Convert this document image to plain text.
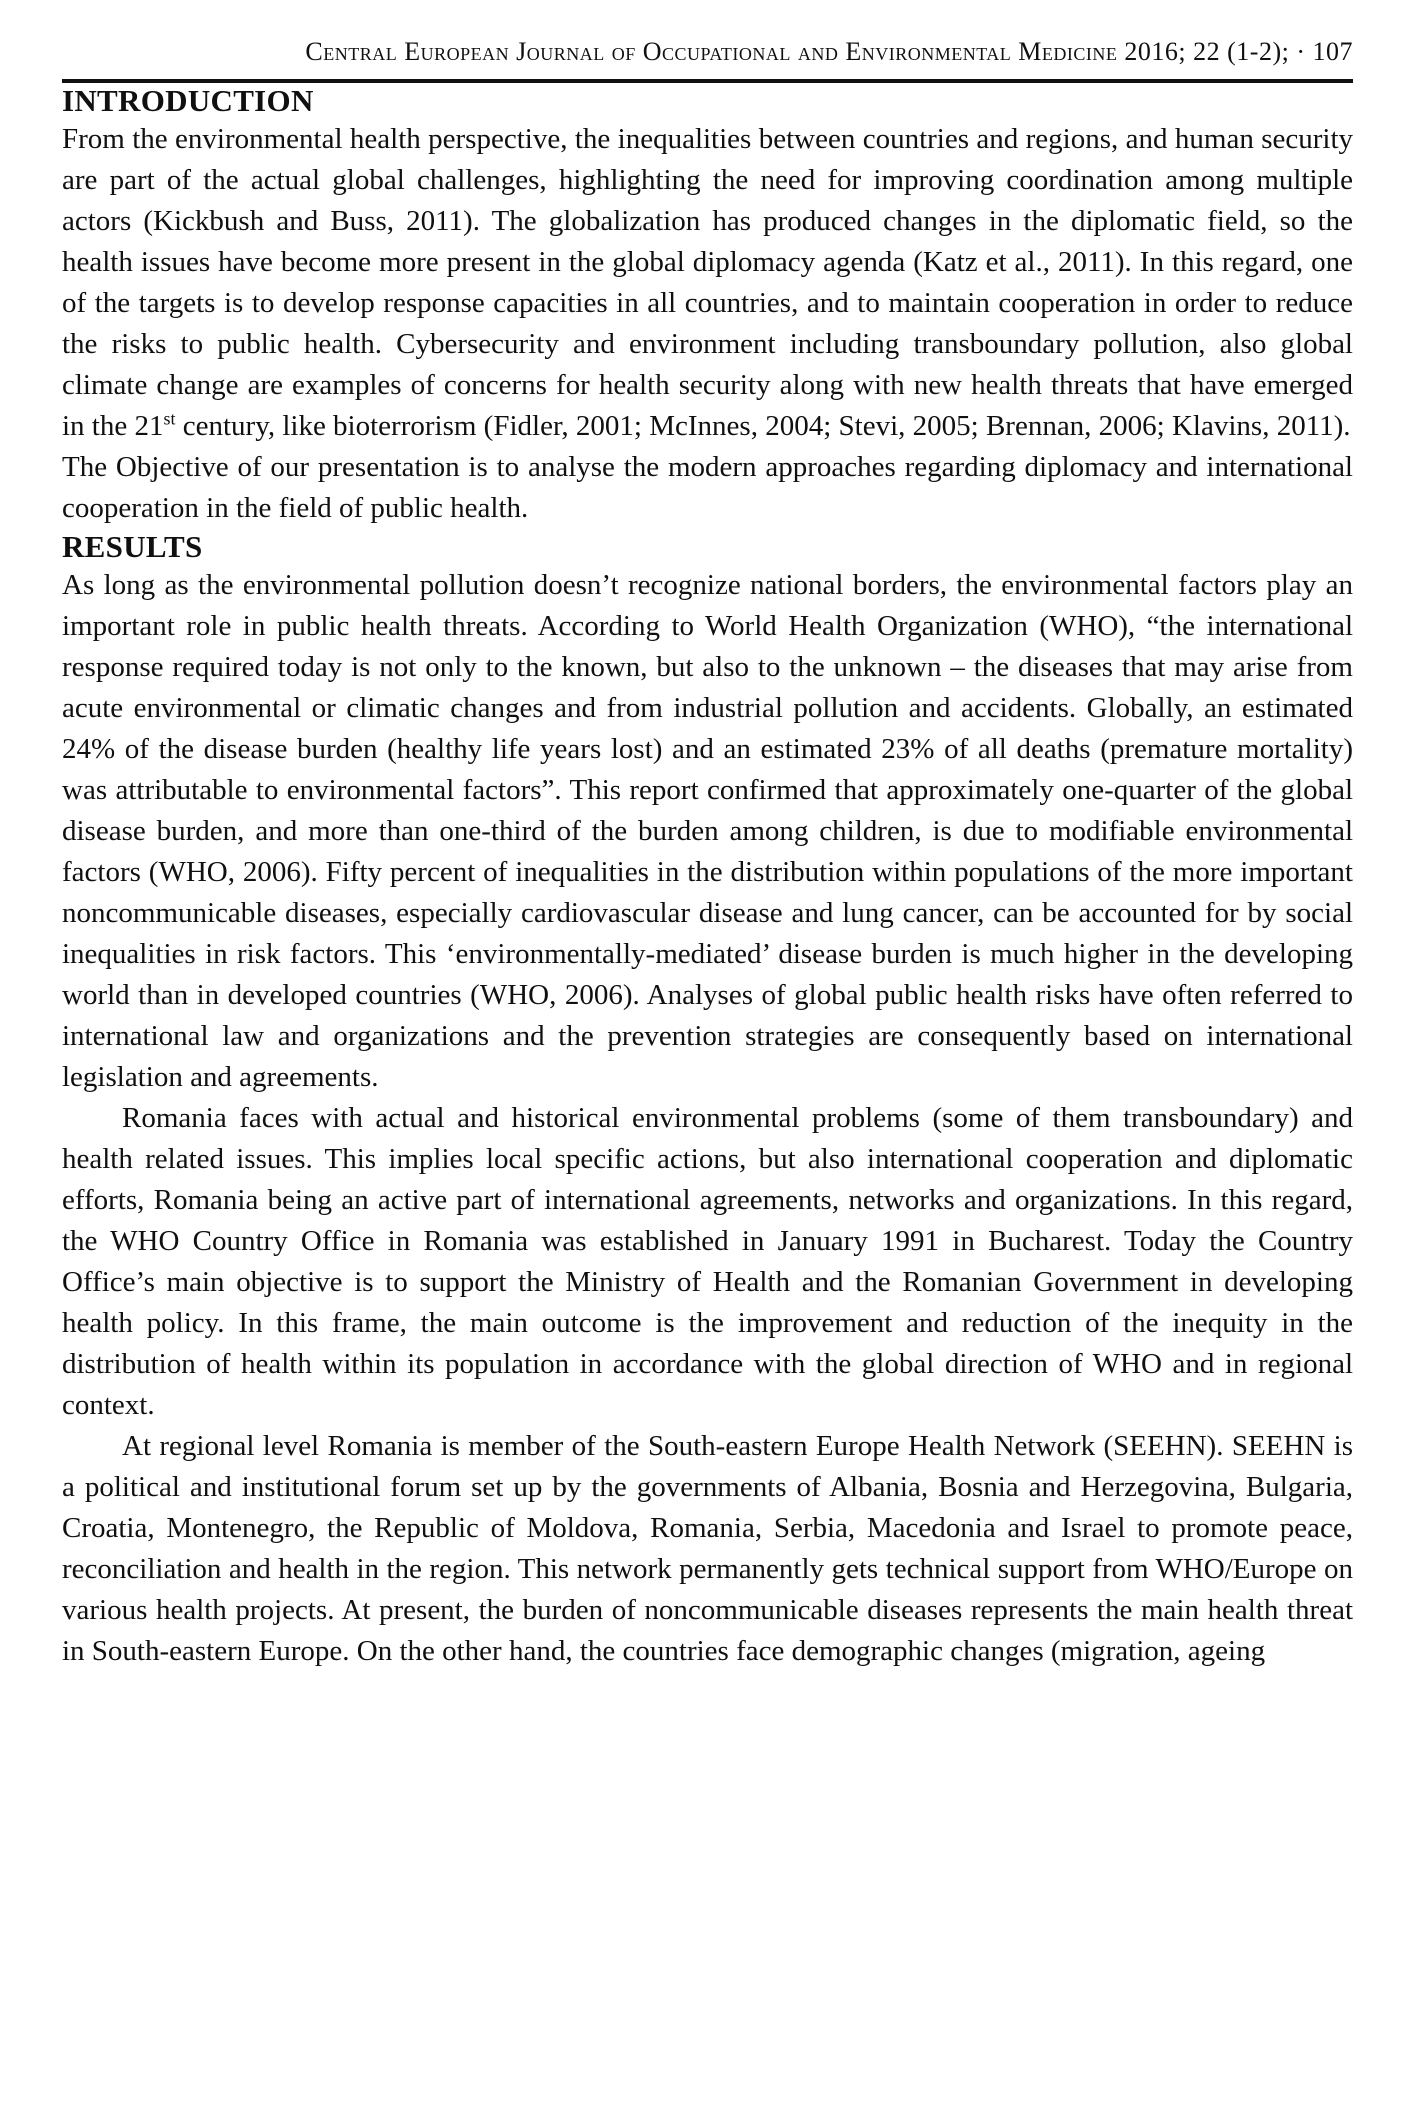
Central European Journal of Occupational and Environmental Medicine 2016; 22 (1-2); · 107
INTRODUCTION

From the environmental health perspective, the inequalities between countries and regions, and human security are part of the actual global challenges, highlighting the need for improving coordination among multiple actors (Kickbush and Buss, 2011). The globalization has produced changes in the diplomatic field, so the health issues have become more present in the global diplomacy agenda (Katz et al., 2011). In this regard, one of the targets is to develop response capacities in all countries, and to maintain cooperation in order to reduce the risks to public health. Cybersecurity and environment including transboundary pollution, also global climate change are examples of concerns for health security along with new health threats that have emerged in the 21st century, like bioterrorism (Fidler, 2001; McInnes, 2004; Stevi, 2005; Brennan, 2006; Klavins, 2011).

The Objective of our presentation is to analyse the modern approaches regarding diplomacy and international cooperation in the field of public health.

RESULTS

As long as the environmental pollution doesn’t recognize national borders, the environmental factors play an important role in public health threats. According to World Health Organization (WHO), “the international response required today is not only to the known, but also to the unknown – the diseases that may arise from acute environmental or climatic changes and from industrial pollution and accidents. Globally, an estimated 24% of the disease burden (healthy life years lost) and an estimated 23% of all deaths (premature mortality) was attributable to environmental factors”. This report confirmed that approximately one-quarter of the global disease burden, and more than one-third of the burden among children, is due to modifiable environmental factors (WHO, 2006). Fifty percent of inequalities in the distribution within populations of the more important noncommunicable diseases, especially cardiovascular disease and lung cancer, can be accounted for by social inequalities in risk factors. This ‘environmentally-mediated’ disease burden is much higher in the developing world than in developed countries (WHO, 2006). Analyses of global public health risks have often referred to international law and organizations and the prevention strategies are consequently based on international legislation and agreements.

Romania faces with actual and historical environmental problems (some of them transboundary) and health related issues. This implies local specific actions, but also international cooperation and diplomatic efforts, Romania being an active part of international agreements, networks and organizations. In this regard, the WHO Country Office in Romania was established in January 1991 in Bucharest. Today the Country Office’s main objective is to support the Ministry of Health and the Romanian Government in developing health policy. In this frame, the main outcome is the improvement and reduction of the inequity in the distribution of health within its population in accordance with the global direction of WHO and in regional context.

At regional level Romania is member of the South-eastern Europe Health Network (SEEHN). SEEHN is a political and institutional forum set up by the governments of Albania, Bosnia and Herzegovina, Bulgaria, Croatia, Montenegro, the Republic of Moldova, Romania, Serbia, Macedonia and Israel to promote peace, reconciliation and health in the region. This network permanently gets technical support from WHO/Europe on various health projects. At present, the burden of noncommunicable diseases represents the main health threat in South-eastern Europe. On the other hand, the countries face demographic changes (migration, ageing
